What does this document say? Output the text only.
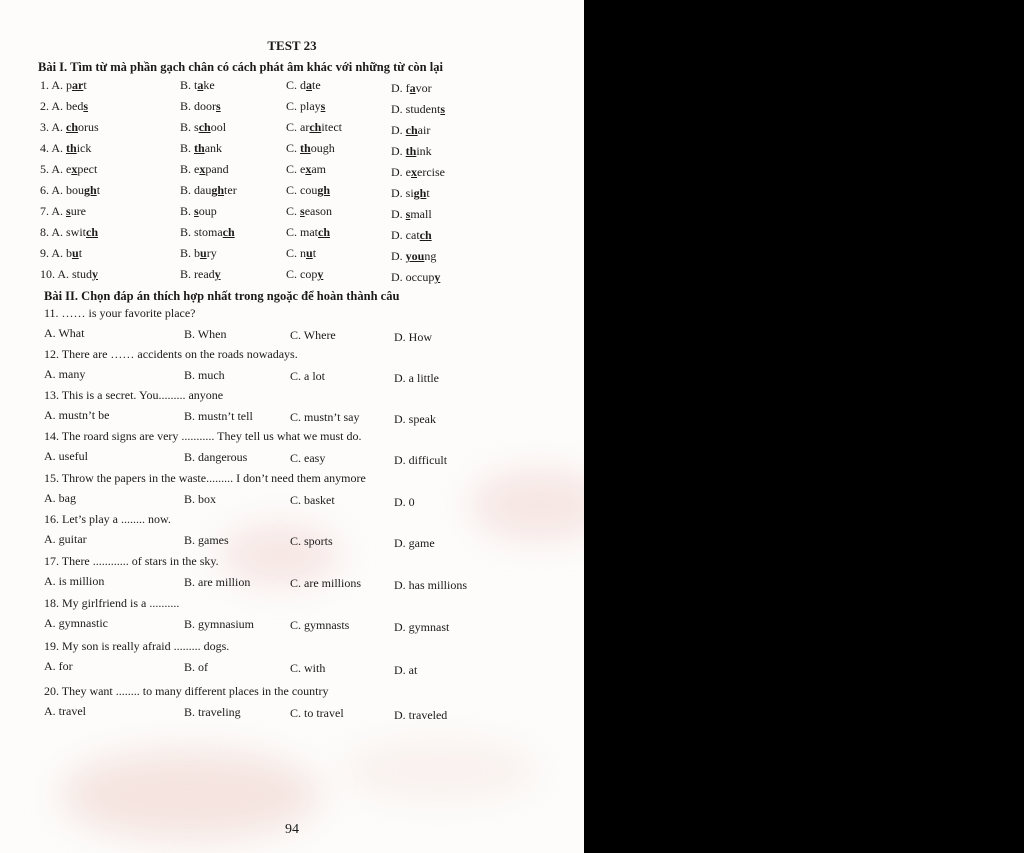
TEST 23
Bài I. Tìm từ mà phần gạch chân có cách phát âm khác với những từ còn lại
1. A. part	B. take	C. date	D. favor
2. A. beds	B. doors	C. plays	D. students
3. A. chorus	B. school	C. architect	D. chair
4. A. thick	B. thank	C. though	D. think
5. A. expect	B. expand	C. exam	D. exercise
6. A. bought	B. daughter	C. cough	D. sight
7. A. sure	B. soup	C. season	D. small
8. A. switch	B. stomach	C. match	D. catch
9. A. but	B. bury	C. nut	D. young
10. A. study	B. ready	C. copy	D. occupy
Bài II. Chọn đáp án thích hợp nhất trong ngoặc để hoàn thành câu
11. …… is your favorite place?
A. What	B. When	C. Where	D. How
12. There are …… accidents on the roads nowadays.
A. many	B. much	C. a lot	D. a little
13. This is a secret. You......... anyone
A. mustn’t be	B. mustn’t tell	C. mustn’t say	D. speak
14. The roard signs are very ........... They tell us what we must do.
A. useful	B. dangerous	C. easy	D. difficult
15. Throw the papers in the waste......... I don’t need them anymore
A. bag	B. box	C. basket	D. 0
16. Let’s play a ........ now.
A. guitar	B. games	C. sports	D. game
17. There ............ of stars in the sky.
A. is million	B. are million	C. are millions	D. has millions
18. My girlfriend is a ..........
A. gymnastic	B. gymnasium	C. gymnasts	D. gymnast
19. My son is really afraid ......... dogs.
A. for	B. of	C. with	D. at
20. They want ........ to many different places in the country
A. travel	B. traveling	C. to travel	D. traveled
94
